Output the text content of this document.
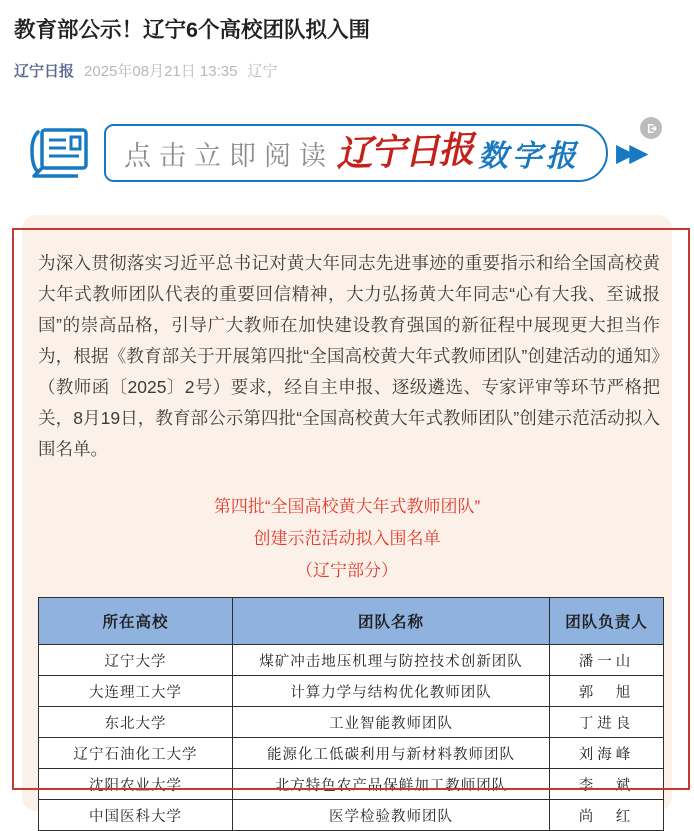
教育部公示！辽宁6个高校团队拟入围
辽宁日报 2025年08月21日 13:35 辽宁
点击立即阅读 辽宁日报 数字报 ▶▶

为深入贯彻落实习近平总书记对黄大年同志先进事迹的重要指示和给全国高校黄大年式教师团队代表的重要回信精神，大力弘扬黄大年同志“心有大我、至诚报国”的崇高品格，引导广大教师在加快建设教育强国的新征程中展现更大担当作为，根据《教育部关于开展第四批“全国高校黄大年式教师团队”创建活动的通知》（教师函〔2025〕2号）要求，经自主申报、逐级遴选、专家评审等环节严格把关，8月19日，教育部公示第四批“全国高校黄大年式教师团队”创建示范活动拟入围名单。

第四批“全国高校黄大年式教师团队”
创建示范活动拟入围名单
（辽宁部分）
所在高校	团队名称	团队负责人
辽宁大学	煤矿冲击地压机理与防控技术创新团队	潘一山
大连理工大学	计算力学与结构优化教师团队	郭　旭
东北大学	工业智能教师团队	丁进良
辽宁石油化工大学	能源化工低碳利用与新材料教师团队	刘海峰
沈阳农业大学	北方特色农产品保鲜加工教师团队	李　斌
中国医科大学	医学检验教师团队	尚　红
